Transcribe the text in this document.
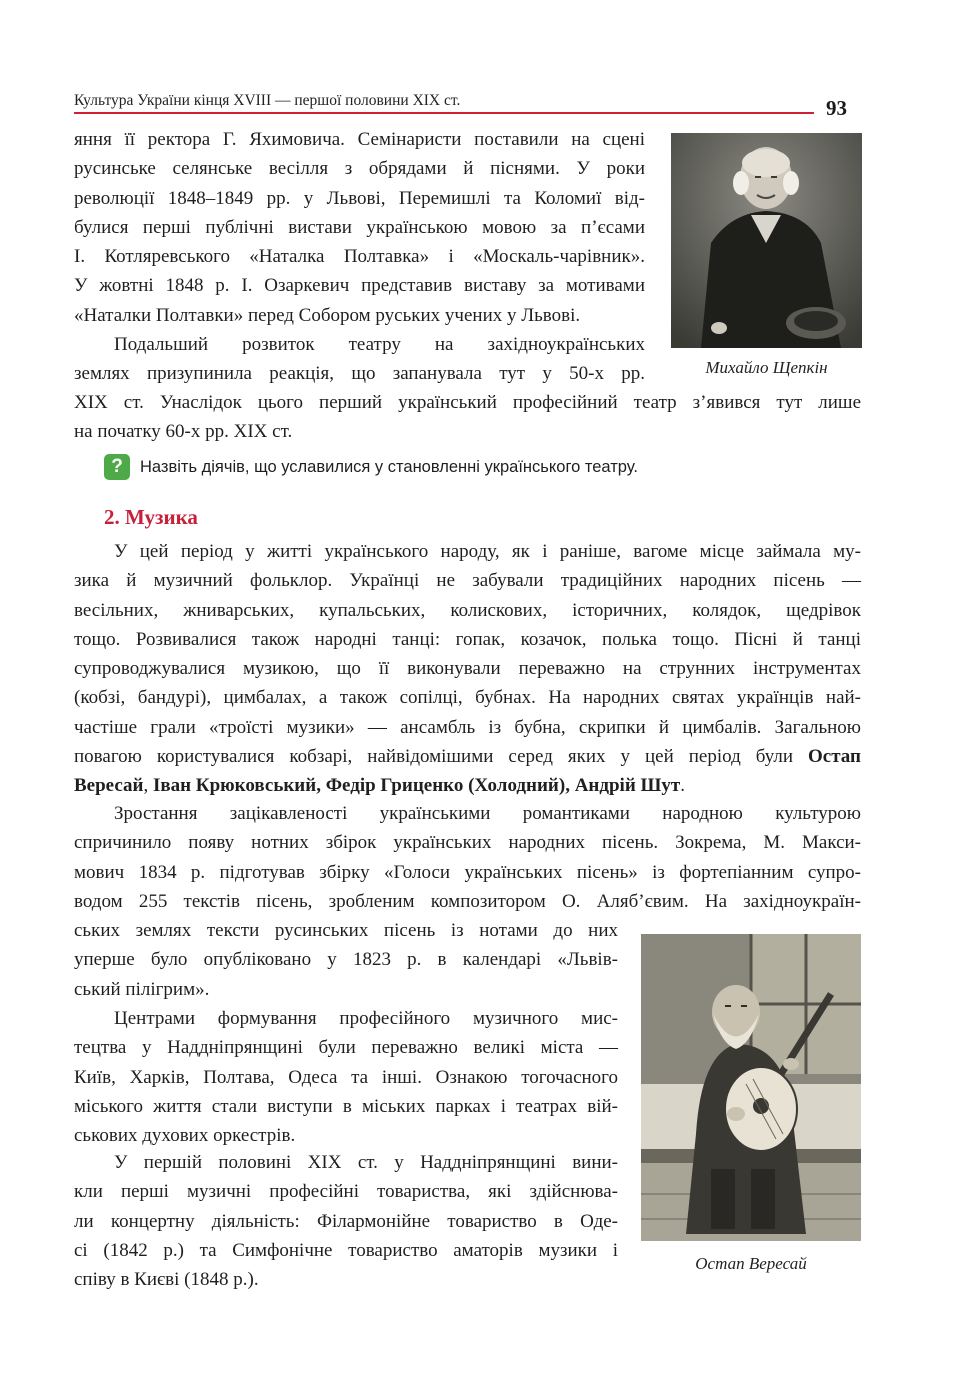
Культура України кінця XVIII — першої половини XIX ст.	93
яння її ректора Г. Яхимовича. Семінаристи поставили на сцені
русинське селянське весілля з обрядами й піснями. У роки
революції 1848–1849 рр. у Львові, Перемишлі та Коломиї від-
булися перші публічні вистави українською мовою за п’єсами
І. Котляревського «Наталка Полтавка» і «Москаль-чарівник».
У жовтні 1848 р. І. Озаркевич представив виставу за мотивами
«Наталки Полтавки» перед Собором руських учених у Львові.
Подальший розвиток театру на західноукраїнських
землях призупинила реакція, що запанувала тут у 50-х рр.
XIX ст. Унаслідок цього перший український професійний театр з’явився тут лише
на початку 60-х рр. XIX ст.
Михайло Щепкін
?	Назвіть діячів, що уславилися у становленні українського театру.
2. Музика
У цей період у житті українського народу, як і раніше, вагоме місце займала му-
зика й музичний фольклор. Українці не забували традиційних народних пісень —
весільних, жниварських, купальських, колискових, історичних, колядок, щедрівок
тощо. Розвивалися також народні танці: гопак, козачок, полька тощо. Пісні й танці
супроводжувалися музикою, що її виконували переважно на струнних інструментах
(кобзі, бандурі), цимбалах, а також сопілці, бубнах. На народних святах українців най-
частіше грали «троїсті музики» — ансамбль із бубна, скрипки й цимбалів. Загальною
повагою користувалися кобзарі, найвідомішими серед яких у цей період були Остап
Вересай, Іван Крюковський, Федір Гриценко (Холодний), Андрій Шут.
Зростання зацікавленості українськими романтиками народною культурою
спричинило появу нотних збірок українських народних пісень. Зокрема, М. Макси-
мович 1834 р. підготував збірку «Голоси українських пісень» із фортепіанним супро-
водом 255 текстів пісень, зробленим композитором О. Аляб’євим. На західноукраїн-
ських землях тексти русинських пісень із нотами до них
уперше було опубліковано у 1823 р. в календарі «Львів-
ський пілігрим».
Центрами формування професійного музичного мис-
тецтва у Наддніпрянщині були переважно великі міста —
Київ, Харків, Полтава, Одеса та інші. Ознакою тогочасного
міського життя стали виступи в міських парках і театрах вій-
ськових духових оркестрів.
У першій половині XIX ст. у Наддніпрянщині вини-
кли перші музичні професійні товариства, які здійснюва-
ли концертну діяльність: Філармонійне товариство в Оде-
сі (1842 р.) та Симфонічне товариство аматорів музики і
співу в Києві (1848 р.).
Остап Вересай
